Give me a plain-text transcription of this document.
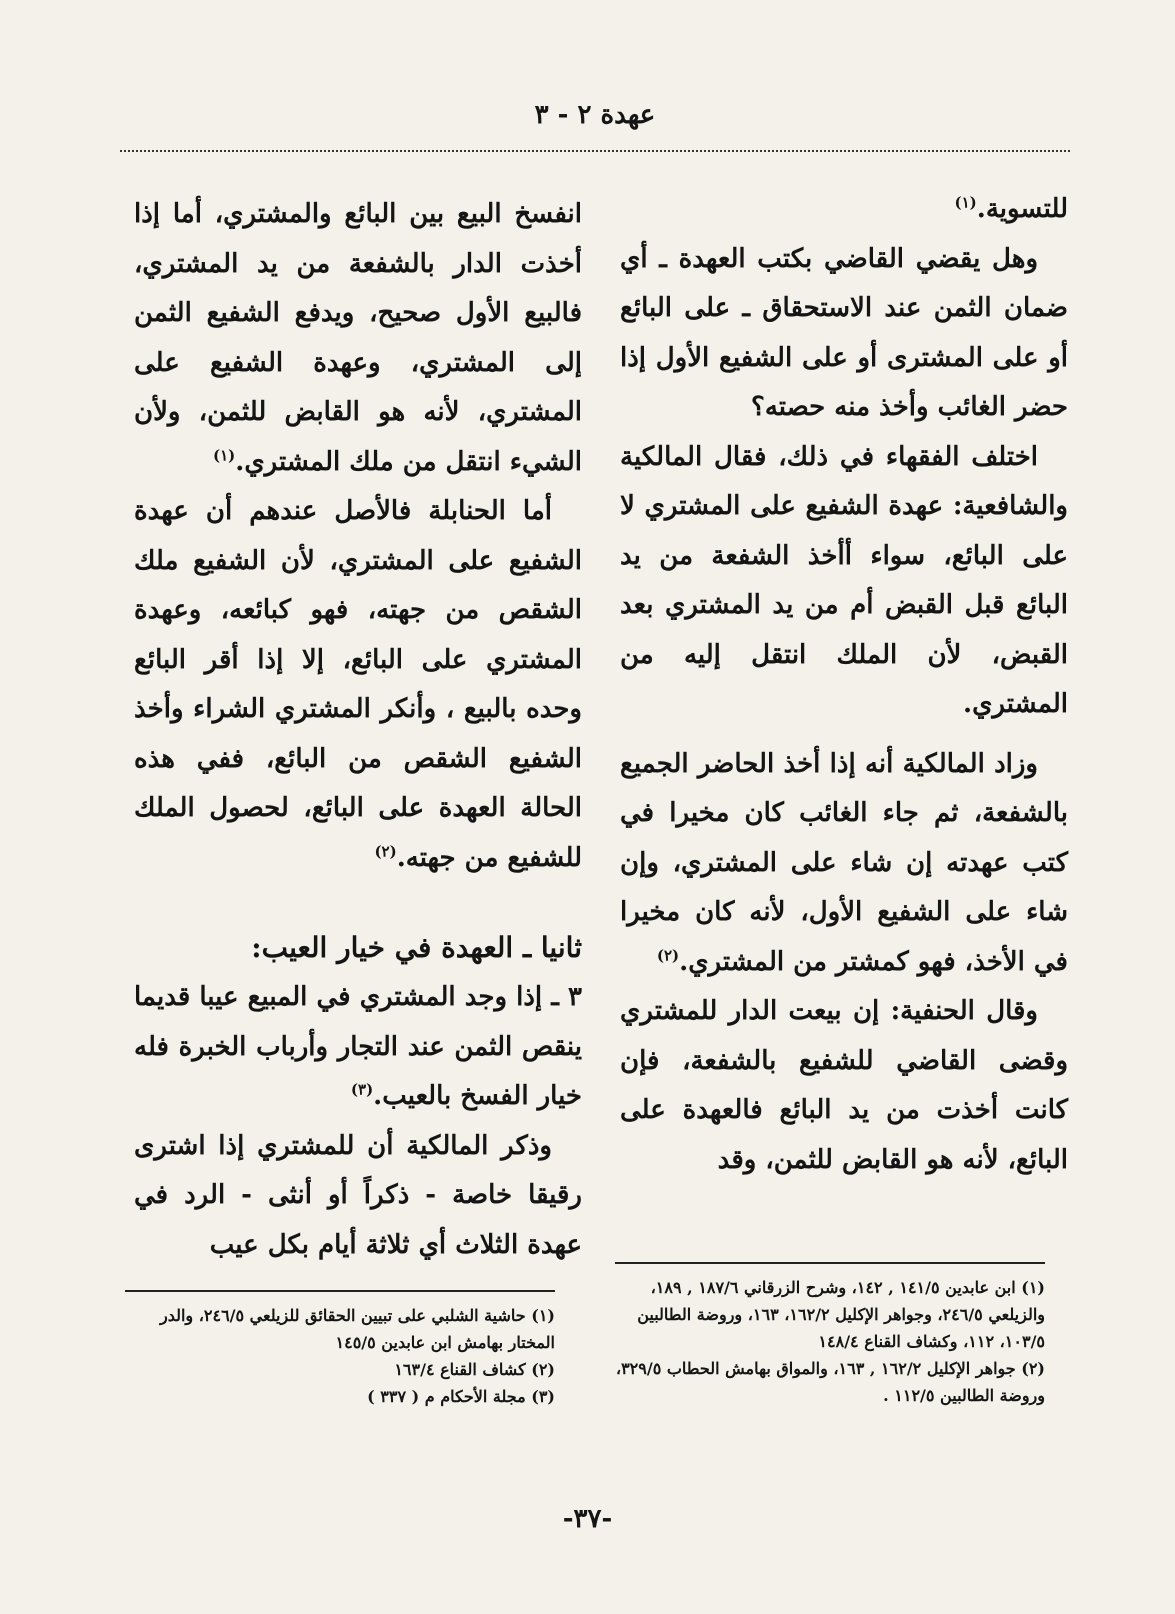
عهدة ٢ - ٣

للتسوية.$^{(١)}$

وهل يقضي القاضي بكتب العهدة ـ أي ضمان الثمن عند الاستحقاق ـ على البائع أو على المشترى أو على الشفيع الأول إذا حضر الغائب وأخذ منه حصته؟

اختلف الفقهاء في ذلك، فقال المالكية والشافعية: عهدة الشفيع على المشتري لا على البائع، سواء أأخذ الشفعة من يد البائع قبل القبض أم من يد المشتري بعد القبض، لأن الملك انتقل إليه من المشتري.

وزاد المالكية أنه إذا أخذ الحاضر الجميع بالشفعة، ثم جاء الغائب كان مخيرا في كتب عهدته إن شاء على المشتري، وإن شاء على الشفيع الأول، لأنه كان مخيرا في الأخذ، فهو كمشتر من المشتري.$^{(٢)}$

وقال الحنفية: إن بيعت الدار للمشتري وقضى القاضي للشفيع بالشفعة، فإن كانت أخذت من يد البائع فالعهدة على البائع، لأنه هو القابض للثمن، وقد

انفسخ البيع بين البائع والمشتري، أما إذا أخذت الدار بالشفعة من يد المشتري، فالبيع الأول صحيح، ويدفع الشفيع الثمن إلى المشتري، وعهدة الشفيع على المشتري، لأنه هو القابض للثمن، ولأن الشيء انتقل من ملك المشتري.$^{(١)}$

أما الحنابلة فالأصل عندهم أن عهدة الشفيع على المشتري، لأن الشفيع ملك الشقص من جهته، فهو كبائعه، وعهدة المشتري على البائع، إلا إذا أقر البائع وحده بالبيع ، وأنكر المشتري الشراء وأخذ الشفيع الشقص من البائع، ففي هذه الحالة العهدة على البائع، لحصول الملك للشفيع من جهته.$^{(٢)}$

ثانيا ـ العهدة في خيار العيب:

٣ ـ إذا وجد المشتري في المبيع عيبا قديما ينقص الثمن عند التجار وأرباب الخبرة فله خيار الفسخ بالعيب.$^{(٣)}$

وذكر المالكية أن للمشتري إذا اشترى رقيقا خاصة - ذكراً أو أنثى - الرد في عهدة الثلاث أي ثلاثة أيام بكل عيب

(١) ابن عابدين ١٤١/٥ , ١٤٢، وشرح الزرقاني ١٨٧/٦ , ١٨٩، والزيلعي ٢٤٦/٥، وجواهر الإكليل ١٦٢/٢، ١٦٣، وروضة الطالبين ١٠٣/٥، ١١٢، وكشاف القناع ١٤٨/٤

(٢) جواهر الإكليل ١٦٢/٢ , ١٦٣، والمواق بهامش الحطاب ٣٢٩/٥، وروضة الطالبين ١١٢/٥ .

(١) حاشية الشلبي على تبيين الحقائق للزيلعي ٢٤٦/٥، والدر المختار بهامش ابن عابدين ١٤٥/٥

(٢) كشاف القناع ١٦٣/٤

(٣) مجلة الأحكام م ( ٣٣٧ )

-٣٧-
